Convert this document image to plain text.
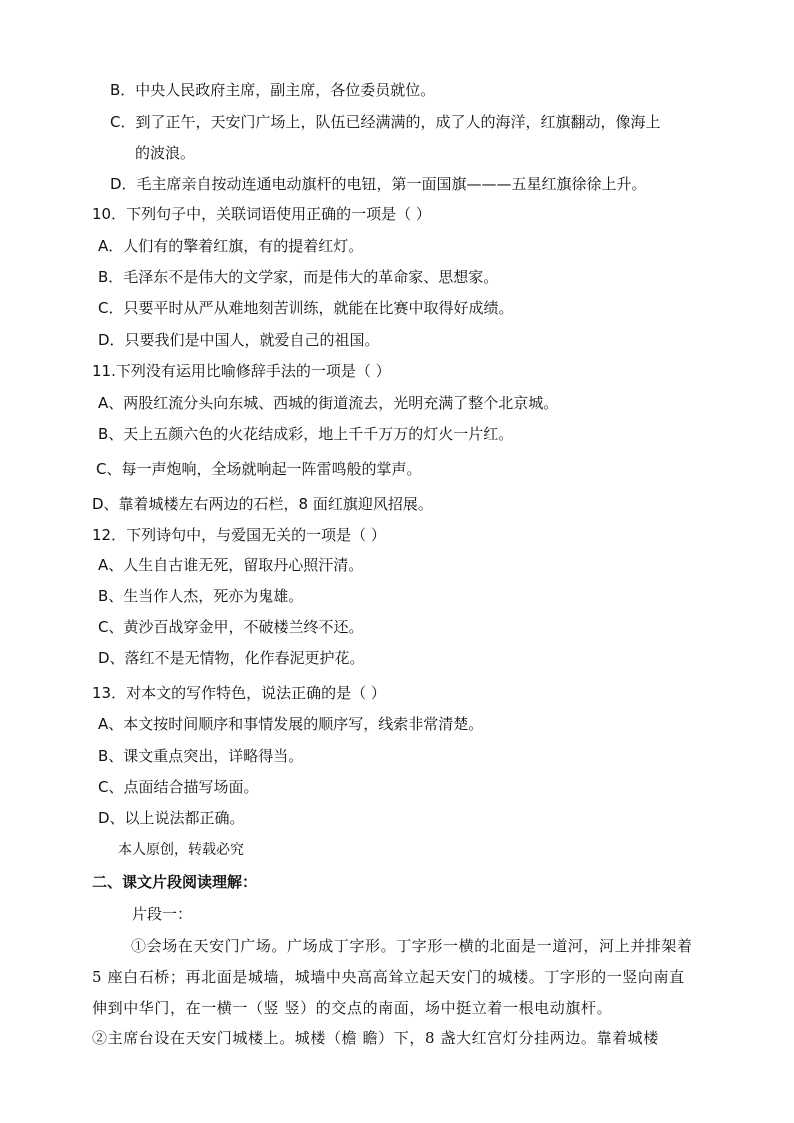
B．中央人民政府主席，副主席，各位委员就位。
C．到了正午，天安门广场上，队伍已经满满的，成了人的海洋，红旗翻动，像海上
的波浪。
D．毛主席亲自按动连通电动旗杆的电钮，第一面国旗———五星红旗徐徐上升。
10．下列句子中，关联词语使用正确的一项是（ ）
A．人们有的擎着红旗，有的提着红灯。
B．毛泽东不是伟大的文学家，而是伟大的革命家、思想家。
C．只要平时从严从难地刻苦训练，就能在比赛中取得好成绩。
D．只要我们是中国人，就爱自己的祖国。
11.下列没有运用比喻修辞手法的一项是（ ）
A、两股红流分头向东城、西城的街道流去，光明充满了整个北京城。
B、天上五颜六色的火花结成彩，地上千千万万的灯火一片红。
C、每一声炮响，全场就响起一阵雷鸣般的掌声。
D、靠着城楼左右两边的石栏，8 面红旗迎风招展。
12．下列诗句中，与爱国无关的一项是（ ）
A、人生自古谁无死，留取丹心照汗清。
B、生当作人杰，死亦为鬼雄。
C、黄沙百战穿金甲，不破楼兰终不还。
D、落红不是无情物，化作春泥更护花。
13．对本文的写作特色，说法正确的是（ ）
A、本文按时间顺序和事情发展的顺序写，线索非常清楚。
B、课文重点突出，详略得当。
C、点面结合描写场面。
D、以上说法都正确。
本人原创，转载必究
二、课文片段阅读理解：
片段一：
①会场在天安门广场。广场成丁字形。丁字形一横的北面是一道河，河上并排架着
5 座白石桥；再北面是城墙，城墙中央高高耸立起天安门的城楼。丁字形的一竖向南直
伸到中华门，在一横一（竖 竖）的交点的南面，场中挺立着一根电动旗杆。
②主席台设在天安门城楼上。城楼（檐 瞻）下，8 盏大红宫灯分挂两边。靠着城楼
